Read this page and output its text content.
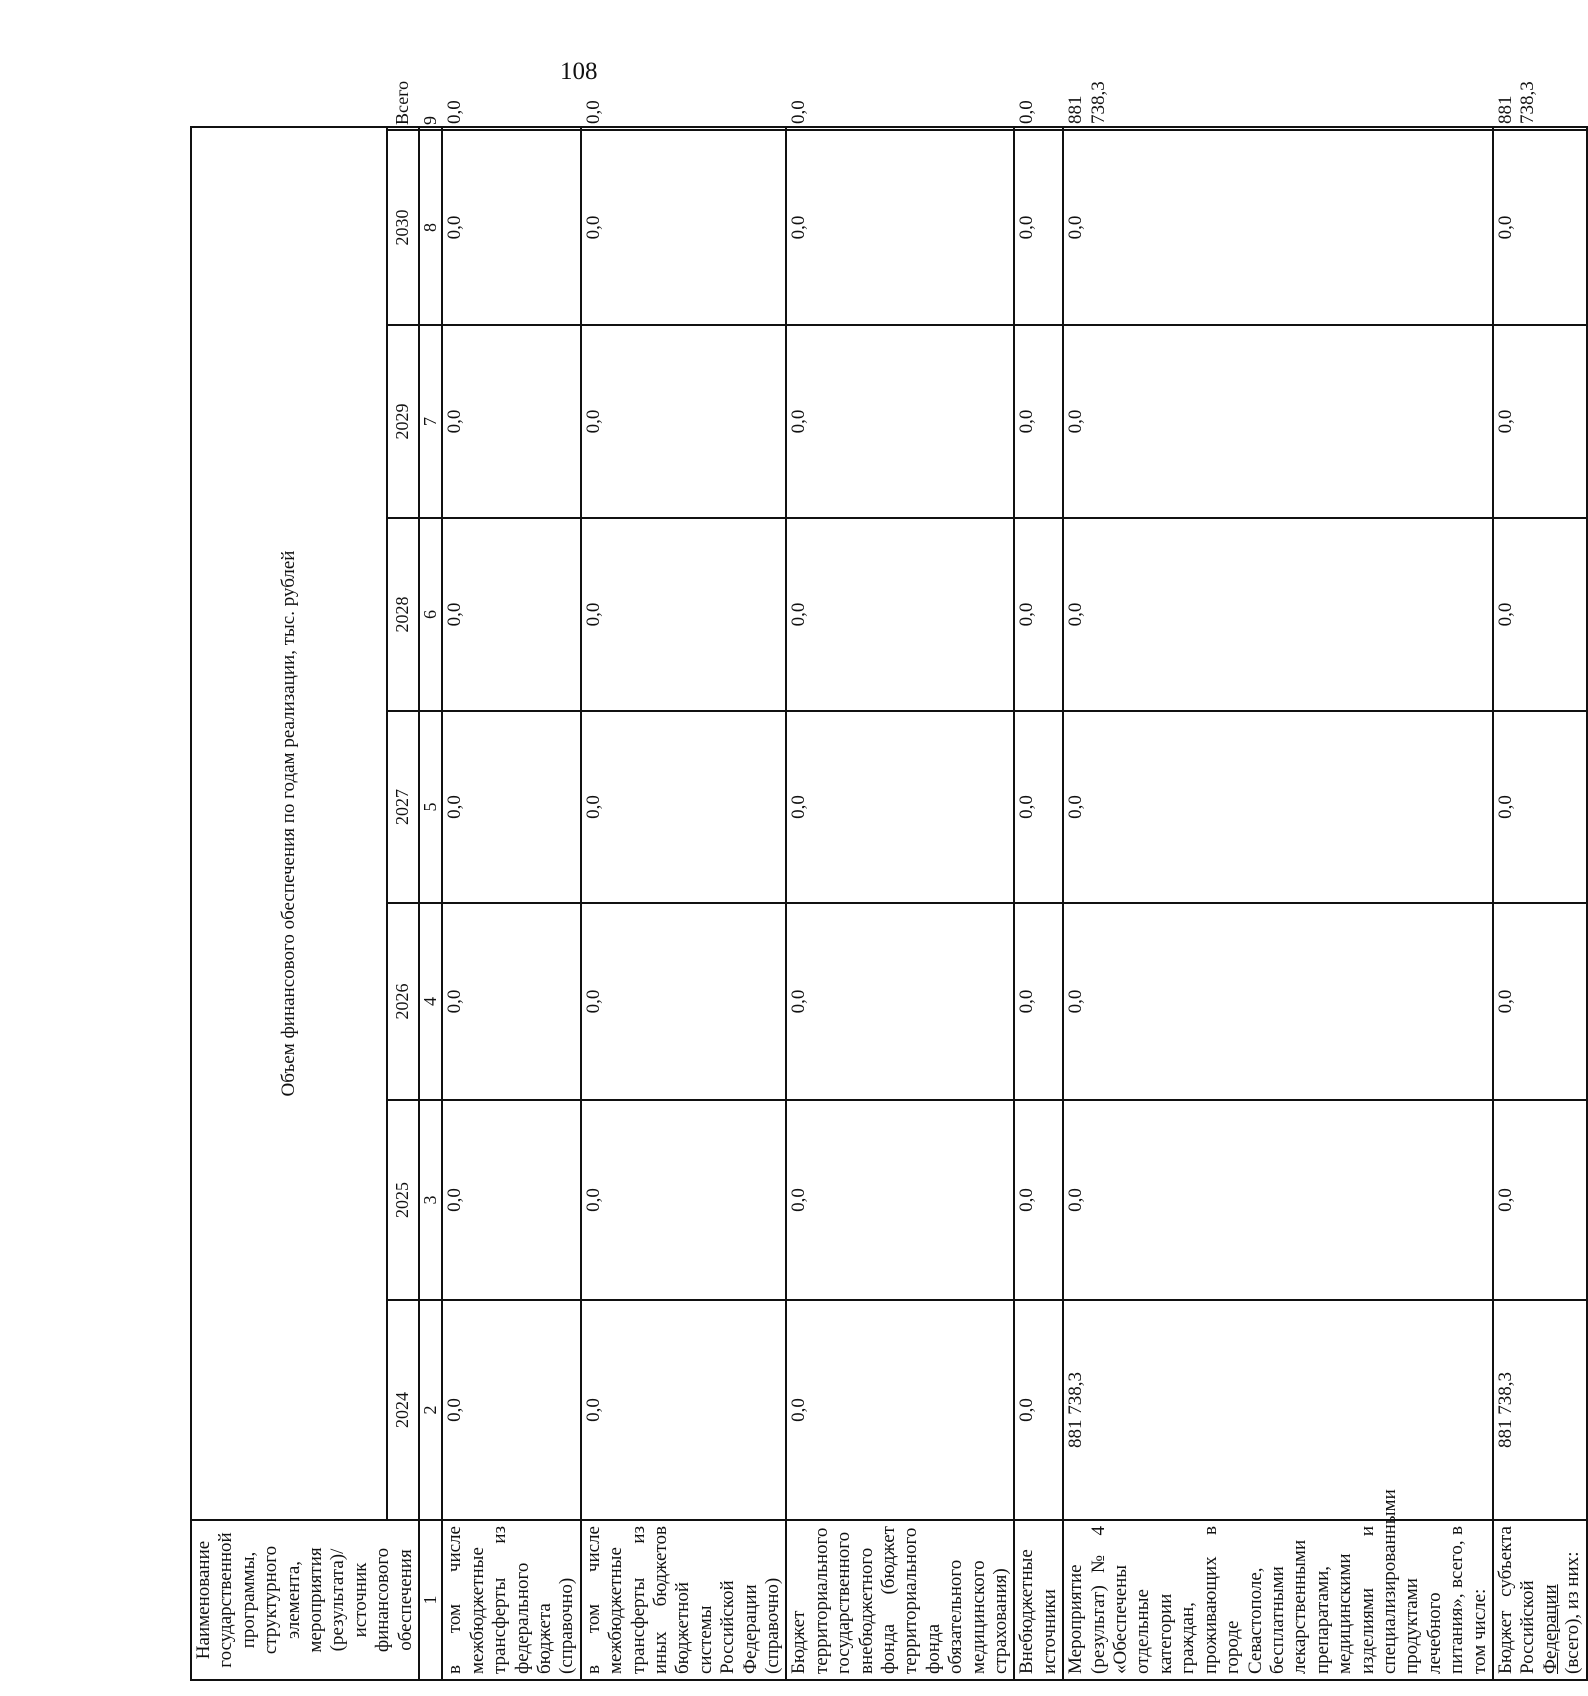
108
Наименование государственной программы, структурного элемента, мероприятия (результата)/источник финансового обеспечения	Объем финансового обеспечения по годам реализации, тыс. рублей							
	2024	2025	2026	2027	2028	2029	2030	Всего
1	2	3	4	5	6	7	8	9
в том числе межбюджетные трансферты из федерального бюджета (справочно)	0,0	0,0	0,0	0,0	0,0	0,0	0,0	0,0
в том числе межбюджетные трансферты из иных бюджетов бюджетной системы Российской Федерации (справочно)	0,0	0,0	0,0	0,0	0,0	0,0	0,0	0,0
Бюджет территориального государственного внебюджетного фонда (бюджет территориального фонда обязательного медицинского страхования)	0,0	0,0	0,0	0,0	0,0	0,0	0,0	0,0
Внебюджетные источники	0,0	0,0	0,0	0,0	0,0	0,0	0,0	0,0
Мероприятие (результат) № 4 «Обеспечены отдельные категории граждан, проживающих в городе Севастополе, бесплатными лекарственными препаратами, медицинскими изделиями и специализированными продуктами лечебного питания», всего, в том числе:	881 738,3	0,0	0,0	0,0	0,0	0,0	0,0	881 738,3
Бюджет субъекта Российской Федерации (всего), из них:	881 738,3	0,0	0,0	0,0	0,0	0,0	0,0	881 738,3
